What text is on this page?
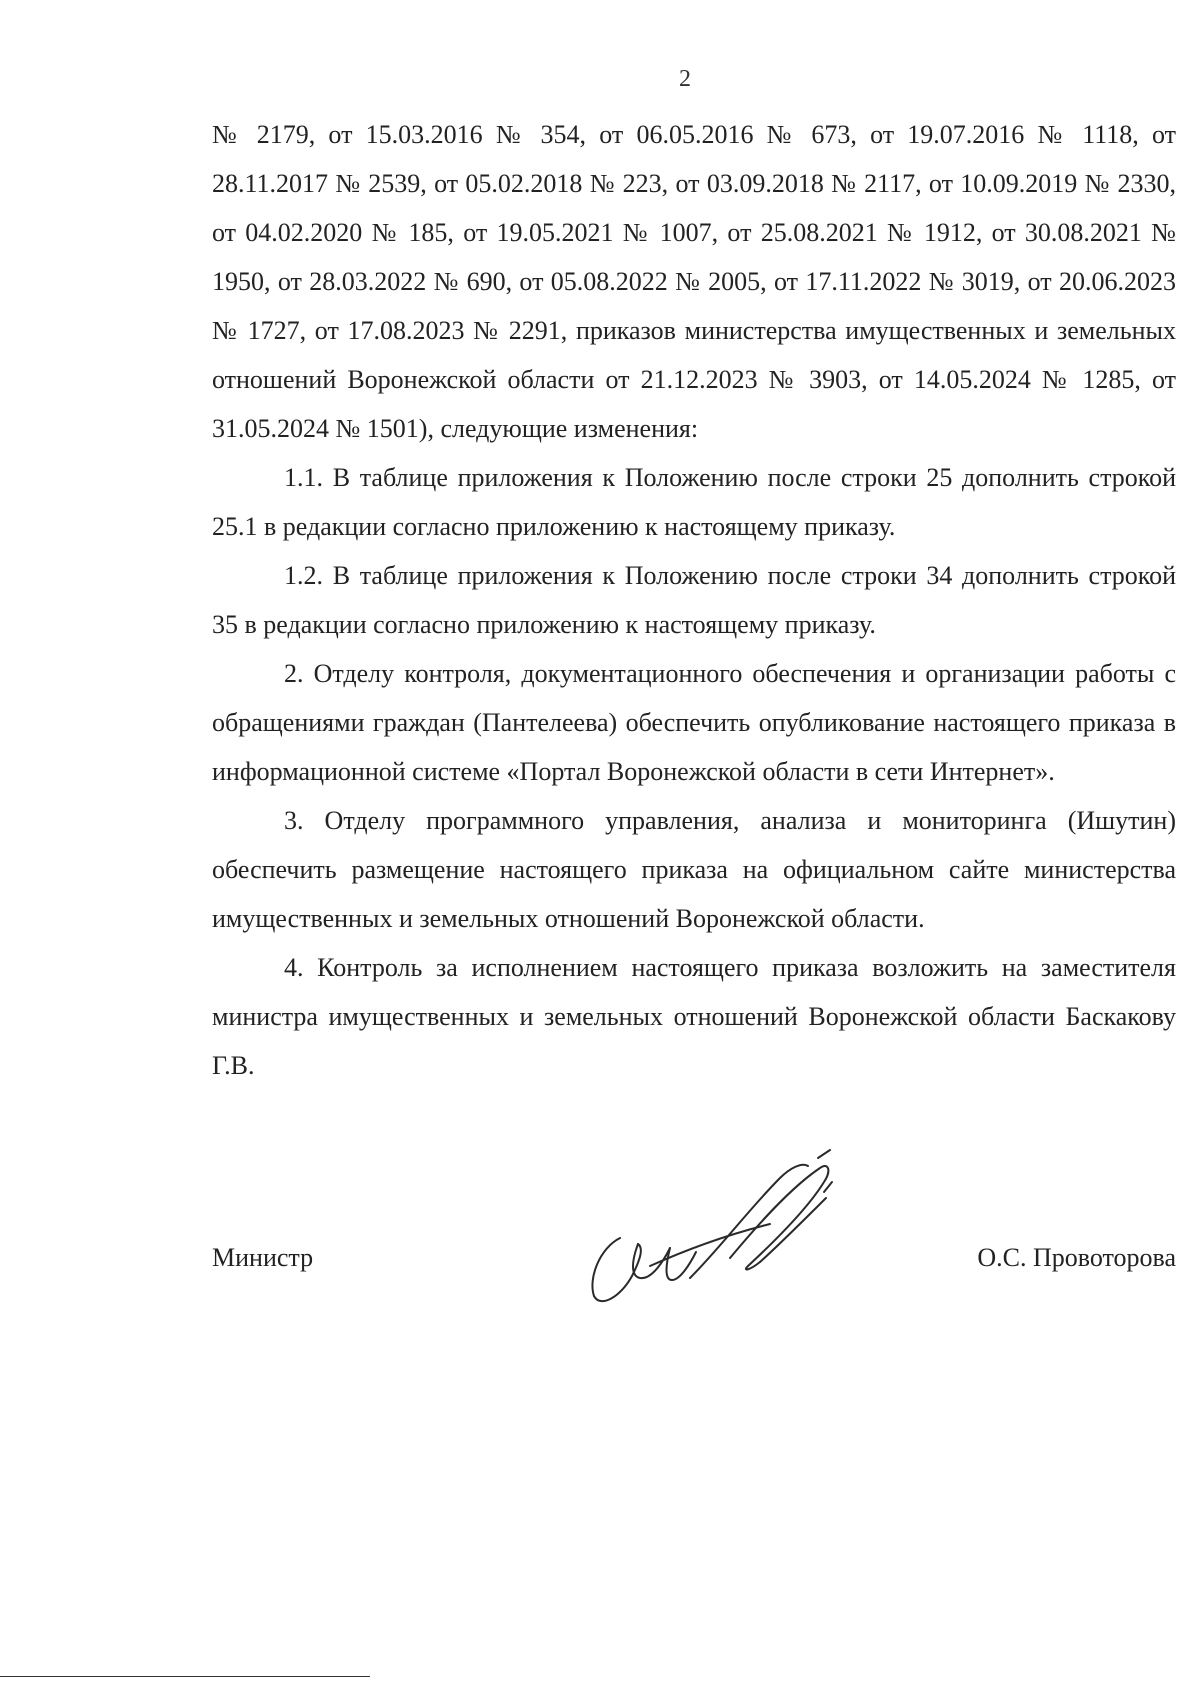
2

№ 2179, от 15.03.2016 № 354, от 06.05.2016 № 673, от 19.07.2016 № 1118, от 28.11.2017 № 2539, от 05.02.2018 № 223, от 03.09.2018 № 2117, от 10.09.2019 № 2330, от 04.02.2020 № 185, от 19.05.2021 № 1007, от 25.08.2021 № 1912, от 30.08.2021 № 1950, от 28.03.2022 № 690, от 05.08.2022 № 2005, от 17.11.2022 № 3019, от 20.06.2023 № 1727, от 17.08.2023 № 2291, приказов министерства имущественных и земельных отношений Воронежской области от 21.12.2023 № 3903, от 14.05.2024 № 1285, от 31.05.2024 № 1501), следующие изменения:

1.1. В таблице приложения к Положению после строки 25 дополнить строкой 25.1 в редакции согласно приложению к настоящему приказу.

1.2. В таблице приложения к Положению после строки 34 дополнить строкой 35 в редакции согласно приложению к настоящему приказу.

2. Отделу контроля, документационного обеспечения и организации работы с обращениями граждан (Пантелеева) обеспечить опубликование настоящего приказа в информационной системе «Портал Воронежской области в сети Интернет».

3. Отделу программного управления, анализа и мониторинга (Ишутин) обеспечить размещение настоящего приказа на официальном сайте министерства имущественных и земельных отношений Воронежской области.

4. Контроль за исполнением настоящего приказа возложить на заместителя министра имущественных и земельных отношений Воронежской области Баскакову Г.В.

Министр	О.С. Провоторова
